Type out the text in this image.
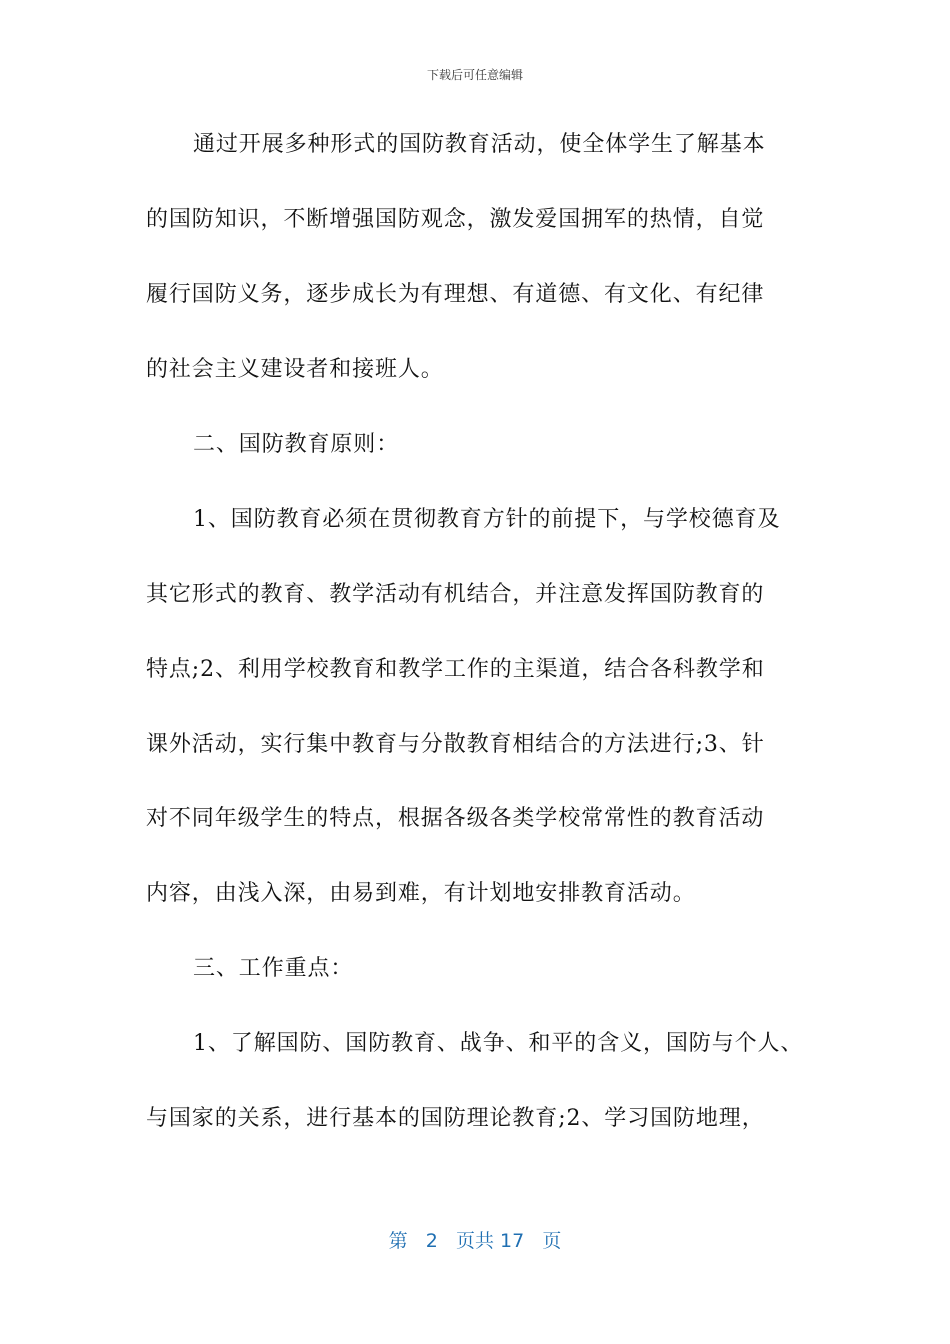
下载后可任意编辑
通过开展多种形式的国防教育活动，使全体学生了解基本
的国防知识，不断增强国防观念，激发爱国拥军的热情，自觉
履行国防义务，逐步成长为有理想、有道德、有文化、有纪律
的社会主义建设者和接班人。
二、国防教育原则：
1、国防教育必须在贯彻教育方针的前提下，与学校德育及
其它形式的教育、教学活动有机结合，并注意发挥国防教育的
特点;2、利用学校教育和教学工作的主渠道，结合各科教学和
课外活动，实行集中教育与分散教育相结合的方法进行;3、针
对不同年级学生的特点，根据各级各类学校常常性的教育活动
内容，由浅入深，由易到难，有计划地安排教育活动。
三、工作重点：
1、了解国防、国防教育、战争、和平的含义，国防与个人、
与国家的关系，进行基本的国防理论教育;2、学习国防地理，
第 2 页共 17 页
